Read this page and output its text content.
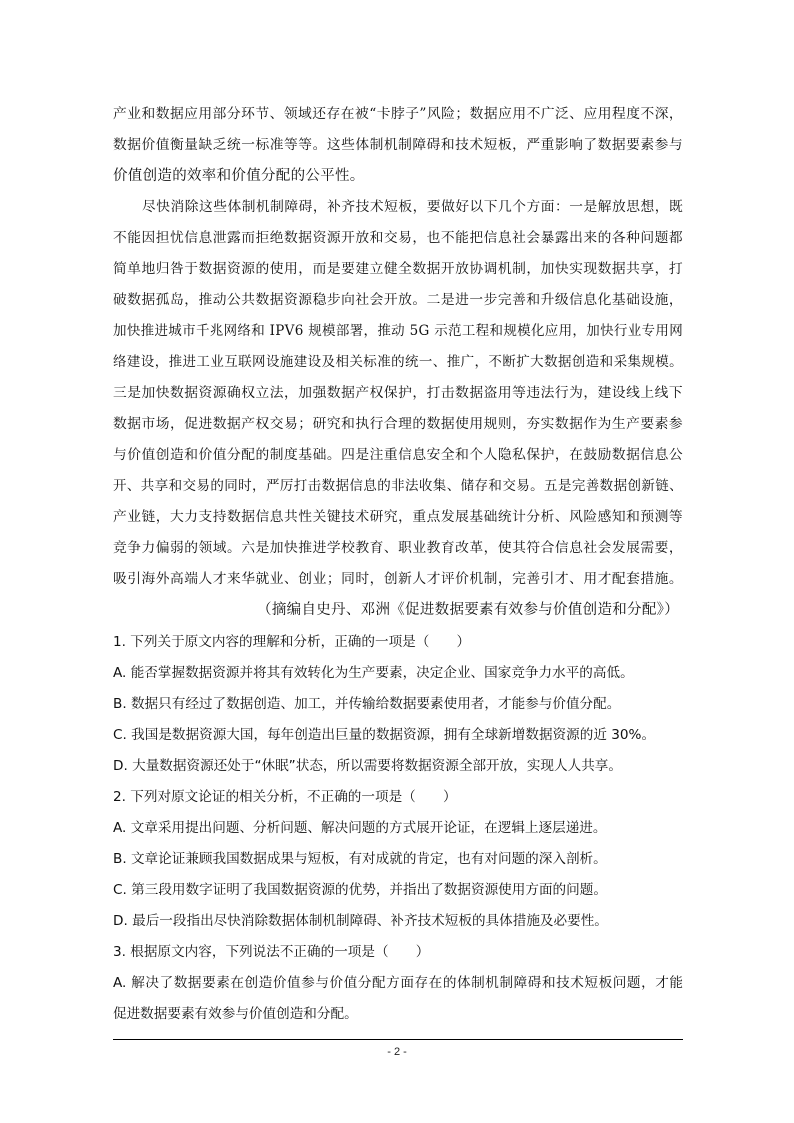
产业和数据应用部分环节、领域还存在被“卡脖子”风险；数据应用不广泛、应用程度不深，
数据价值衡量缺乏统一标准等等。这些体制机制障碍和技术短板，严重影响了数据要素参与
价值创造的效率和价值分配的公平性。
尽快消除这些体制机制障碍，补齐技术短板，要做好以下几个方面：一是解放思想，既
不能因担忧信息泄露而拒绝数据资源开放和交易，也不能把信息社会暴露出来的各种问题都
简单地归咎于数据资源的使用，而是要建立健全数据开放协调机制，加快实现数据共享，打
破数据孤岛，推动公共数据资源稳步向社会开放。二是进一步完善和升级信息化基础设施，
加快推进城市千兆网络和 IPV6 规模部署，推动 5G 示范工程和规模化应用，加快行业专用网
络建设，推进工业互联网设施建设及相关标准的统一、推广，不断扩大数据创造和采集规模。
三是加快数据资源确权立法，加强数据产权保护，打击数据盗用等违法行为，建设线上线下
数据市场，促进数据产权交易；研究和执行合理的数据使用规则，夯实数据作为生产要素参
与价值创造和价值分配的制度基础。四是注重信息安全和个人隐私保护，在鼓励数据信息公
开、共享和交易的同时，严厉打击数据信息的非法收集、储存和交易。五是完善数据创新链、
产业链，大力支持数据信息共性关键技术研究，重点发展基础统计分析、风险感知和预测等
竞争力偏弱的领域。六是加快推进学校教育、职业教育改革，使其符合信息社会发展需要，
吸引海外高端人才来华就业、创业；同时，创新人才评价机制，完善引才、用才配套措施。
（摘编自史丹、邓洲《促进数据要素有效参与价值创造和分配》）
1. 下列关于原文内容的理解和分析，正确的一项是（　　）
A. 能否掌握数据资源并将其有效转化为生产要素，决定企业、国家竞争力水平的高低。
B. 数据只有经过了数据创造、加工，并传输给数据要素使用者，才能参与价值分配。
C. 我国是数据资源大国，每年创造出巨量的数据资源，拥有全球新增数据资源的近 30%。
D. 大量数据资源还处于“休眠”状态，所以需要将数据资源全部开放，实现人人共享。
2. 下列对原文论证的相关分析，不正确的一项是（　　）
A. 文章采用提出问题、分析问题、解决问题的方式展开论证，在逻辑上逐层递进。
B. 文章论证兼顾我国数据成果与短板，有对成就的肯定，也有对问题的深入剖析。
C. 第三段用数字证明了我国数据资源的优势，并指出了数据资源使用方面的问题。
D. 最后一段指出尽快消除数据体制机制障碍、补齐技术短板的具体措施及必要性。
3. 根据原文内容，下列说法不正确的一项是（　　）
A. 解决了数据要素在创造价值参与价值分配方面存在的体制机制障碍和技术短板问题，才能
促进数据要素有效参与价值创造和分配。
- 2 -
